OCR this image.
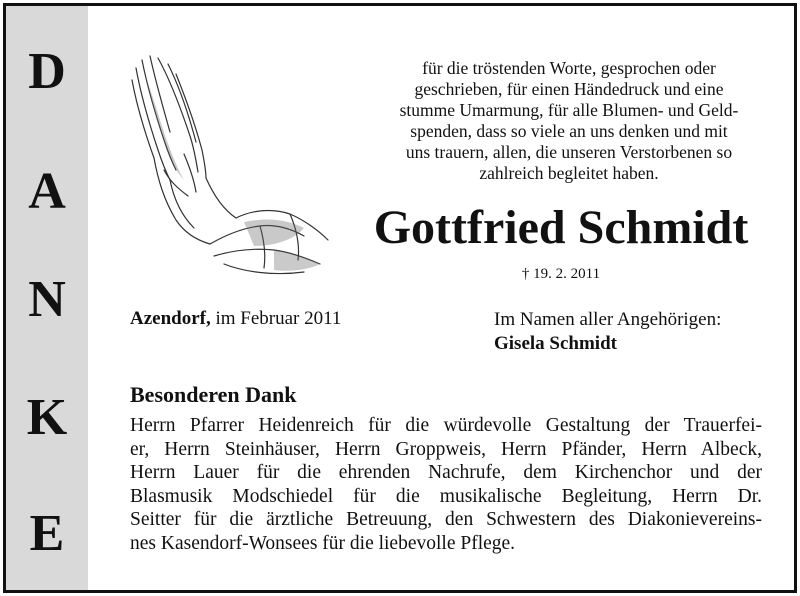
D
A
N
K
E
für die tröstenden Worte, gesprochen oder
geschrieben, für einen Händedruck und eine
stumme Umarmung, für alle Blumen- und Geld-
spenden, dass so viele an uns denken und mit
uns trauern, allen, die unseren Verstorbenen so
zahlreich begleitet haben.
Gottfried Schmidt
† 19. 2. 2011
Azendorf, im Februar 2011	Im Namen aller Angehörigen:
Gisela Schmidt
Besonderen Dank
Herrn Pfarrer Heidenreich für die würdevolle Gestaltung der Trauerfei-
er, Herrn Steinhäuser, Herrn Groppweis, Herrn Pfänder, Herrn Albeck,
Herrn Lauer für die ehrenden Nachrufe, dem Kirchenchor und der
Blasmusik Modschiedel für die musikalische Begleitung, Herrn Dr.
Seitter für die ärztliche Betreuung, den Schwestern des Diakonievereins-
nes Kasendorf-Wonsees für die liebevolle Pflege.
